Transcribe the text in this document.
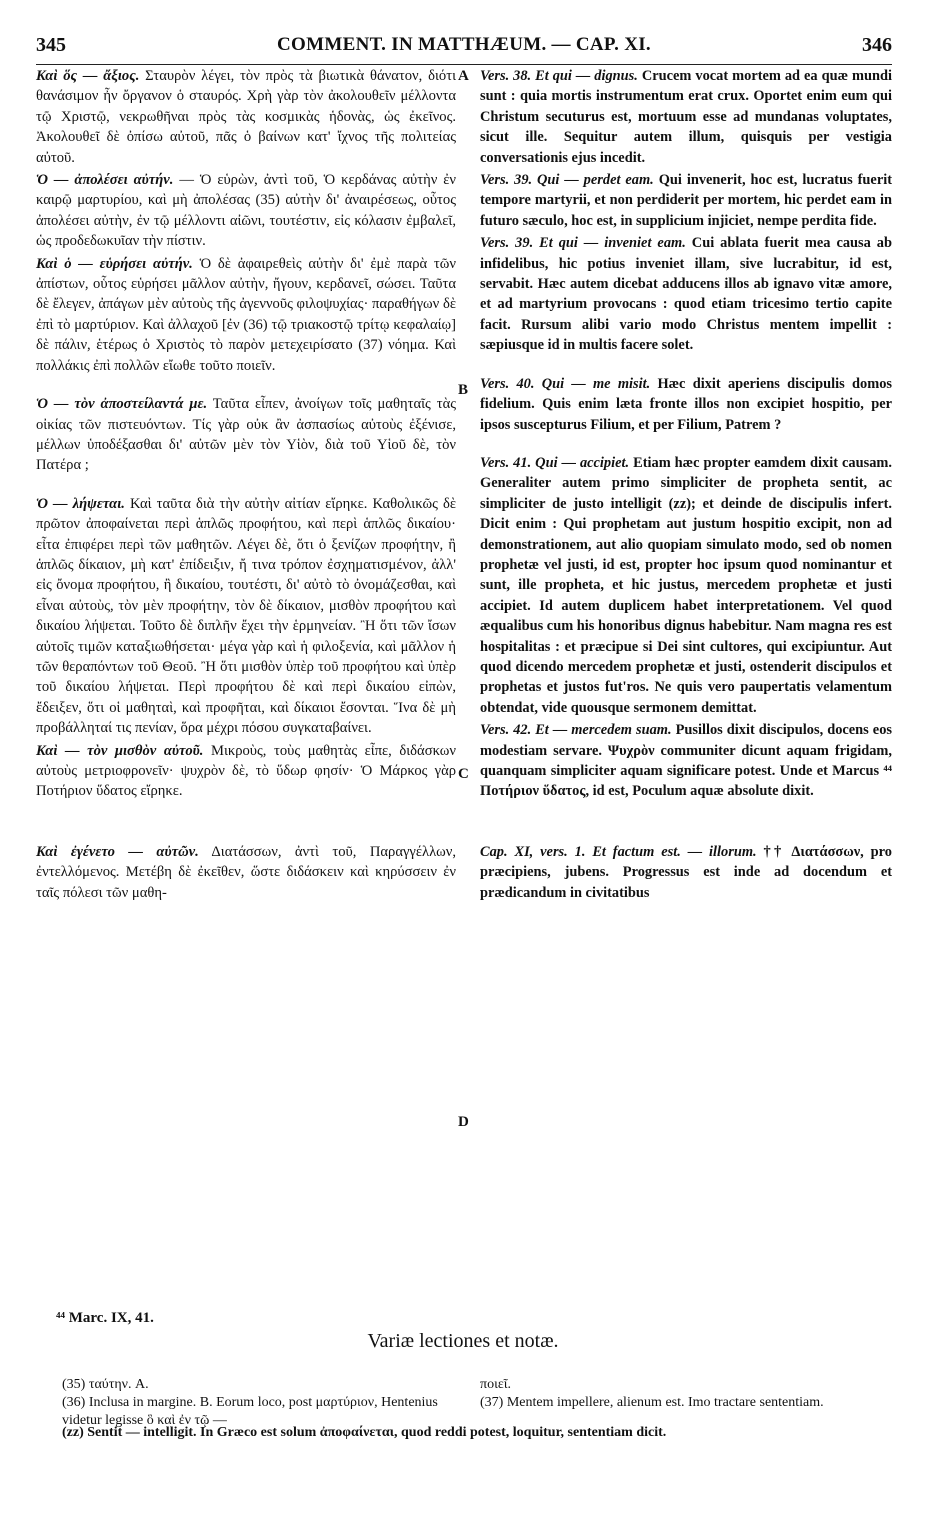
345	COMMENT. IN MATTHÆUM. — CAP. XI.	346

Καὶ ὅς — ἄξιος. Σταυρὸν λέγει, τὸν πρὸς τὰ βιωτικὰ θάνατον, διότι θανάσιμον ἦν ὄργανον ὁ σταυρός. Χρὴ γὰρ τὸν ἀκολουθεῖν μέλλοντα τῷ Χριστῷ, νεκρωθῆναι πρὸς τὰς κοσμικὰς ἡδονὰς, ὡς ἐκεῖνος. Ἀκολουθεῖ δὲ ὀπίσω αὐτοῦ, πᾶς ὁ βαίνων κατ' ἴχνος τῆς πολιτείας αὐτοῦ.

Ὁ — ἀπολέσει αὐτήν. — Ὁ εὑρὼν, ἀντὶ τοῦ, Ὁ κερδάνας αὐτὴν ἐν καιρῷ μαρτυρίου, καὶ μὴ ἀπολέσας (35) αὐτὴν δι' ἀναιρέσεως, οὗτος ἀπολέσει αὐτὴν, ἐν τῷ μέλλοντι αἰῶνι, τουτέστιν, εἰς κόλασιν ἐμβαλεῖ, ὡς προδεδωκυῖαν τὴν πίστιν.

Καὶ ὁ — εὑρήσει αὐτήν. Ὁ δὲ ἀφαιρεθεὶς αὐτὴν δι' ἐμὲ παρὰ τῶν ἀπίστων, οὗτος εὑρήσει μᾶλλον αὐτὴν, ἤγουν, κερδανεῖ, σώσει. Ταῦτα δὲ ἔλεγεν, ἀπάγων μὲν αὐτοὺς τῆς ἀγεννοῦς φιλοψυχίας· παραθήγων δὲ ἐπὶ τὸ μαρτύριον. Καὶ ἀλλαχοῦ [ἐν (36) τῷ τριακοστῷ τρίτῳ κεφαλαίῳ] δὲ πάλιν, ἑτέρως ὁ Χριστὸς τὸ παρὸν μετεχειρίσατο (37) νόημα. Καὶ πολλάκις ἐπὶ πολλῶν εἴωθε τοῦτο ποιεῖν.

Ὁ — τὸν ἀποστείλαντά με. Ταῦτα εἶπεν, ἀνοίγων τοῖς μαθηταῖς τὰς οἰκίας τῶν πιστευόντων. Τίς γὰρ οὐκ ἂν ἀσπασίως αὐτοὺς ἐξένισε, μέλλων ὑποδέξασθαι δι' αὐτῶν μὲν τὸν Υἱὸν, διὰ τοῦ Υἱοῦ δὲ, τὸν Πατέρα ;

Ὁ — λήψεται. Καὶ ταῦτα διὰ τὴν αὐτὴν αἰτίαν εἴρηκε. Καθολικῶς δὲ πρῶτον ἀποφαίνεται περὶ ἁπλῶς προφήτου, καὶ περὶ ἁπλῶς δικαίου· εἶτα ἐπιφέρει περὶ τῶν μαθητῶν. Λέγει δὲ, ὅτι ὁ ξενίζων προφήτην, ἢ ἁπλῶς δίκαιον, μὴ κατ' ἐπίδειξιν, ἤ τινα τρόπον ἐσχηματισμένον, ἀλλ' εἰς ὄνομα προφήτου, ἢ δικαίου, τουτέστι, δι' αὐτὸ τὸ ὀνομάζεσθαι, καὶ εἶναι αὐτοὺς, τὸν μὲν προφήτην, τὸν δὲ δίκαιον, μισθὸν προφήτου καὶ δικαίου λήψεται. Τοῦτο δὲ διπλῆν ἔχει τὴν ἑρμηνείαν. Ἢ ὅτι τῶν ἴσων αὐτοῖς τιμῶν καταξιωθήσεται· μέγα γὰρ καὶ ἡ φιλοξενία, καὶ μᾶλλον ἡ τῶν θεραπόντων τοῦ Θεοῦ. Ἢ ὅτι μισθὸν ὑπὲρ τοῦ προφήτου καὶ ὑπὲρ τοῦ δικαίου λήψεται. Περὶ προφήτου δὲ καὶ περὶ δικαίου εἰπὼν, ἔδειξεν, ὅτι οἱ μαθηταὶ, καὶ προφῆται, καὶ δίκαιοι ἔσονται. Ἵνα δὲ μὴ προβάλληταί τις πενίαν, ὅρα μέχρι πόσου συγκαταβαίνει.

Καὶ — τὸν μισθὸν αὐτοῦ. Μικροὺς, τοὺς μαθητὰς εἶπε, διδάσκων αὐτοὺς μετριοφρονεῖν· ψυχρὸν δὲ, τὸ ὕδωρ φησίν· Ὁ Μάρκος γὰρ Ποτήριον ὕδατος εἴρηκε.

Καὶ ἐγένετο — αὐτῶν. Διατάσσων, ἀντὶ τοῦ, Παραγγέλλων, ἐντελλόμενος. Μετέβη δὲ ἐκεῖθεν, ὥστε διδάσκειν καὶ κηρύσσειν ἐν ταῖς πόλεσι τῶν μαθη-

Vers. 38. Et qui — dignus. Crucem vocat mortem ad ea quæ mundi sunt : quia mortis instrumentum erat crux. Oportet enim eum qui Christum secuturus est, mortuum esse ad mundanas voluptates, sicut ille. Sequitur autem illum, quisquis per vestigia conversationis ejus incedit.

Vers. 39. Qui — perdet eam. Qui invenerit, hoc est, lucratus fuerit tempore martyrii, et non perdiderit per mortem, hic perdet eam in futuro sæculo, hoc est, in supplicium injiciet, nempe perdita fide.

Vers. 39. Et qui — inveniet eam. Cui ablata fuerit mea causa ab infidelibus, hic potius inveniet illam, sive lucrabitur, id est, servabit. Hæc autem dicebat adducens illos ab ignavo vitæ amore, et ad martyrium provocans : quod etiam tricesimo tertio capite facit. Rursum alibi vario modo Christus mentem impellit : sæpiusque id in multis facere solet.

Vers. 40. Qui — me misit. Hæc dixit aperiens discipulis domos fidelium. Quis enim læta fronte illos non excipiet hospitio, per ipsos suscepturus Filium, et per Filium, Patrem ?

Vers. 41. Qui — accipiet. Etiam hæc propter eamdem dixit causam. Generaliter autem primo simpliciter de propheta sentit, ac simpliciter de justo intelligit (zz); et deinde de discipulis infert. Dicit enim : Qui prophetam aut justum hospitio excipit, non ad demonstrationem, aut alio quopiam simulato modo, sed ob nomen prophetæ vel justi, id est, propter hoc ipsum quod nominantur et sunt, ille propheta, et hic justus, mercedem prophetæ et justi accipiet. Id autem duplicem habet interpretationem. Vel quod æqualibus cum his honoribus dignus habebitur. Nam magna res est hospitalitas : et præcipue si Dei sint cultores, qui excipiuntur. Aut quod dicendo mercedem prophetæ et justi, ostenderit discipulos et prophetas et justos fut'ros. Ne quis vero paupertatis velamentum obtendat, vide quousque sermonem demittat.

Vers. 42. Et — mercedem suam. Pusillos dixit discipulos, docens eos modestiam servare. Ψυχρὸν communiter dicunt aquam frigidam, quanquam simpliciter aquam significare potest. Unde et Marcus ⁴⁴ Ποτήριον ὕδατος, id est, Poculum aquæ absolute dixit.

Cap. XI, vers. 1. Et factum est. — illorum. †† Διατάσσων, pro præcipiens, jubens. Progressus est inde ad docendum et prædicandum in civitatibus

A
B
C
D
⁴⁴ Marc. IX, 41.
Variæ lectiones et notæ.

(35) ταύτην. A.

(36) Inclusa in margine. B. Eorum loco, post μαρτύριον, Hentenius videtur legisse ὃ καὶ ἐν τῷ —

ποιεῖ.

(37) Mentem impellere, alienum est. Imo tractare sententiam.

(zz) Sentit — intelligit. In Græco est solum ἀποφαίνεται, quod reddi potest, loquitur, sententiam dicit.
